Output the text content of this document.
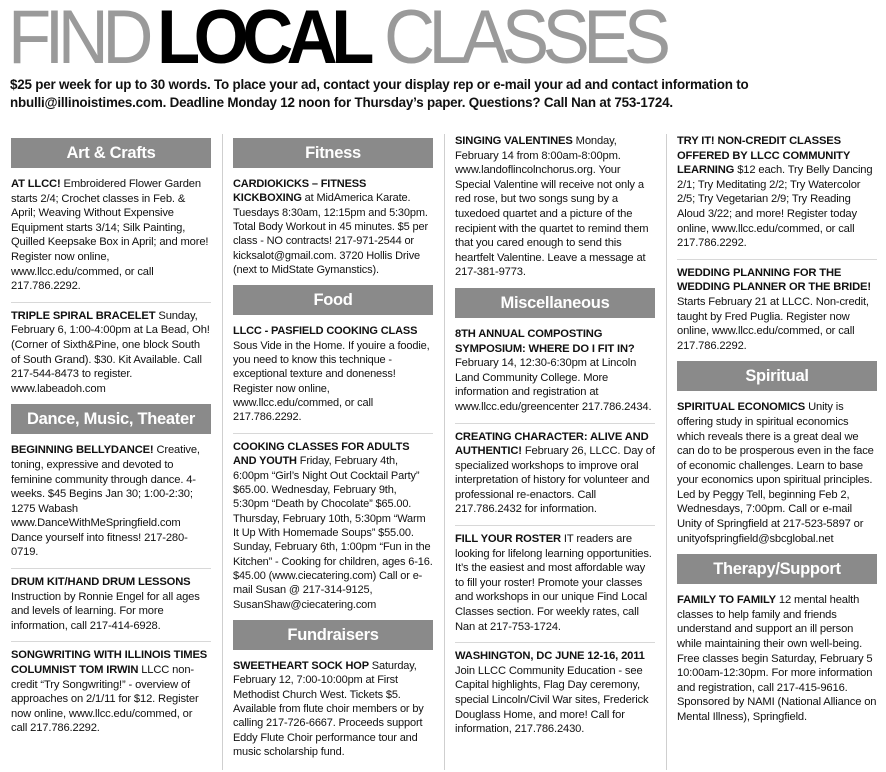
FIND LOCAL CLASSES
$25 per week for up to 30 words. To place your ad, contact your display rep or e-mail your ad and contact information to nbulli@illinoistimes.com. Deadline Monday 12 noon for Thursday’s paper. Questions? Call Nan at 753-1724.
Art & Crafts
AT LLCC! Embroidered Flower Garden starts 2/4; Crochet classes in Feb. & April; Weaving Without Expensive Equipment starts 3/14; Silk Painting, Quilled Keepsake Box in April; and more! Register now online, www.llcc.edu/commed, or call 217.786.2292.
TRIPLE SPIRAL BRACELET Sunday, February 6, 1:00-4:00pm at La Bead, Oh! (Corner of Sixth&Pine, one block South of South Grand). $30. Kit Available. Call 217-544-8473 to register. www.labeadoh.com
Dance, Music, Theater
BEGINNING BELLYDANCE! Creative, toning, expressive and devoted to feminine community through dance. 4-weeks. $45 Begins Jan 30; 1:00-2:30; 1275 Wabash www.DanceWithMeSpringfield.com Dance yourself into fitness! 217-280-0719.
DRUM KIT/HAND DRUM LESSONS Instruction by Ronnie Engel for all ages and levels of learning. For more information, call 217-414-6928.
SONGWRITING WITH ILLINOIS TIMES COLUMNIST TOM IRWIN LLCC non-credit “Try Songwriting!” - overview of approaches on 2/1/11 for $12. Register now online, www.llcc.edu/commed, or call 217.786.2292.
Fitness
CARDIOKICKS – FITNESS KICKBOXING at MidAmerica Karate. Tuesdays 8:30am, 12:15pm and 5:30pm. Total Body Workout in 45 minutes. $5 per class - NO contracts! 217-971-2544 or kicksalot@gmail.com. 3720 Hollis Drive (next to MidState Gymanstics).
Food
LLCC - PASFIELD COOKING CLASS Sous Vide in the Home. If youire a foodie, you need to know this technique - exceptional texture and doneness! Register now online, www.llcc.edu/commed, or call 217.786.2292.
COOKING CLASSES FOR ADULTS AND YOUTH Friday, February 4th, 6:00pm “Girl’s Night Out Cocktail Party” $65.00. Wednesday, February 9th, 5:30pm “Death by Chocolate” $65.00. Thursday, February 10th, 5:30pm “Warm It Up With Homemade Soups” $55.00. Sunday, February 6th, 1:00pm “Fun in the Kitchen” - Cooking for children, ages 6-16. $45.00 (www.ciecatering.com) Call or e-mail Susan @ 217-314-9125, SusanShaw@ciecatering.com
Fundraisers
SWEETHEART SOCK HOP Saturday, February 12, 7:00-10:00pm at First Methodist Church West. Tickets $5. Available from flute choir members or by calling 217-726-6667. Proceeds support Eddy Flute Choir performance tour and music scholarship fund.
SINGING VALENTINES Monday, February 14 from 8:00am-8:00pm. www.landoflincolnchorus.org. Your Special Valentine will receive not only a red rose, but two songs sung by a tuxedoed quartet and a picture of the recipient with the quartet to remind them that you cared enough to send this heartfelt Valentine. Leave a message at 217-381-9773.
Miscellaneous
8TH ANNUAL COMPOSTING SYMPOSIUM: WHERE DO I FIT IN? February 14, 12:30-6:30pm at Lincoln Land Community College. More information and registration at www.llcc.edu/greencenter 217.786.2434.
CREATING CHARACTER: ALIVE AND AUTHENTIC! February 26, LLCC. Day of specialized workshops to improve oral interpretation of history for volunteer and professional re-enactors. Call 217.786.2432 for information.
FILL YOUR ROSTER IT readers are looking for lifelong learning opportunities. It’s the easiest and most affordable way to fill your roster! Promote your classes and workshops in our unique Find Local Classes section. For weekly rates, call Nan at 217-753-1724.
WASHINGTON, DC JUNE 12-16, 2011 Join LLCC Community Education - see Capital highlights, Flag Day ceremony, special Lincoln/Civil War sites, Frederick Douglass Home, and more! Call for information, 217.786.2430.
TRY IT! NON-CREDIT CLASSES OFFERED BY LLCC COMMUNITY LEARNING $12 each. Try Belly Dancing 2/1; Try Meditating 2/2; Try Watercolor 2/5; Try Vegetarian 2/9; Try Reading Aloud 3/22; and more! Register today online, www.llcc.edu/commed, or call 217.786.2292.
WEDDING PLANNING FOR THE WEDDING PLANNER OR THE BRIDE! Starts February 21 at LLCC. Non-credit, taught by Fred Puglia. Register now online, www.llcc.edu/commed, or call 217.786.2292.
Spiritual
SPIRITUAL ECONOMICS Unity is offering study in spiritual economics which reveals there is a great deal we can do to be prosperous even in the face of economic challenges. Learn to base your economics upon spiritual principles. Led by Peggy Tell, beginning Feb 2, Wednesdays, 7:00pm. Call or e-mail Unity of Springfield at 217-523-5897 or unityofspringfield@sbcglobal.net
Therapy/Support
FAMILY TO FAMILY 12 mental health classes to help family and friends understand and support an ill person while maintaining their own well-being. Free classes begin Saturday, February 5 10:00am-12:30pm. For more information and registration, call 217-415-9616. Sponsored by NAMI (National Alliance on Mental Illness), Springfield.
